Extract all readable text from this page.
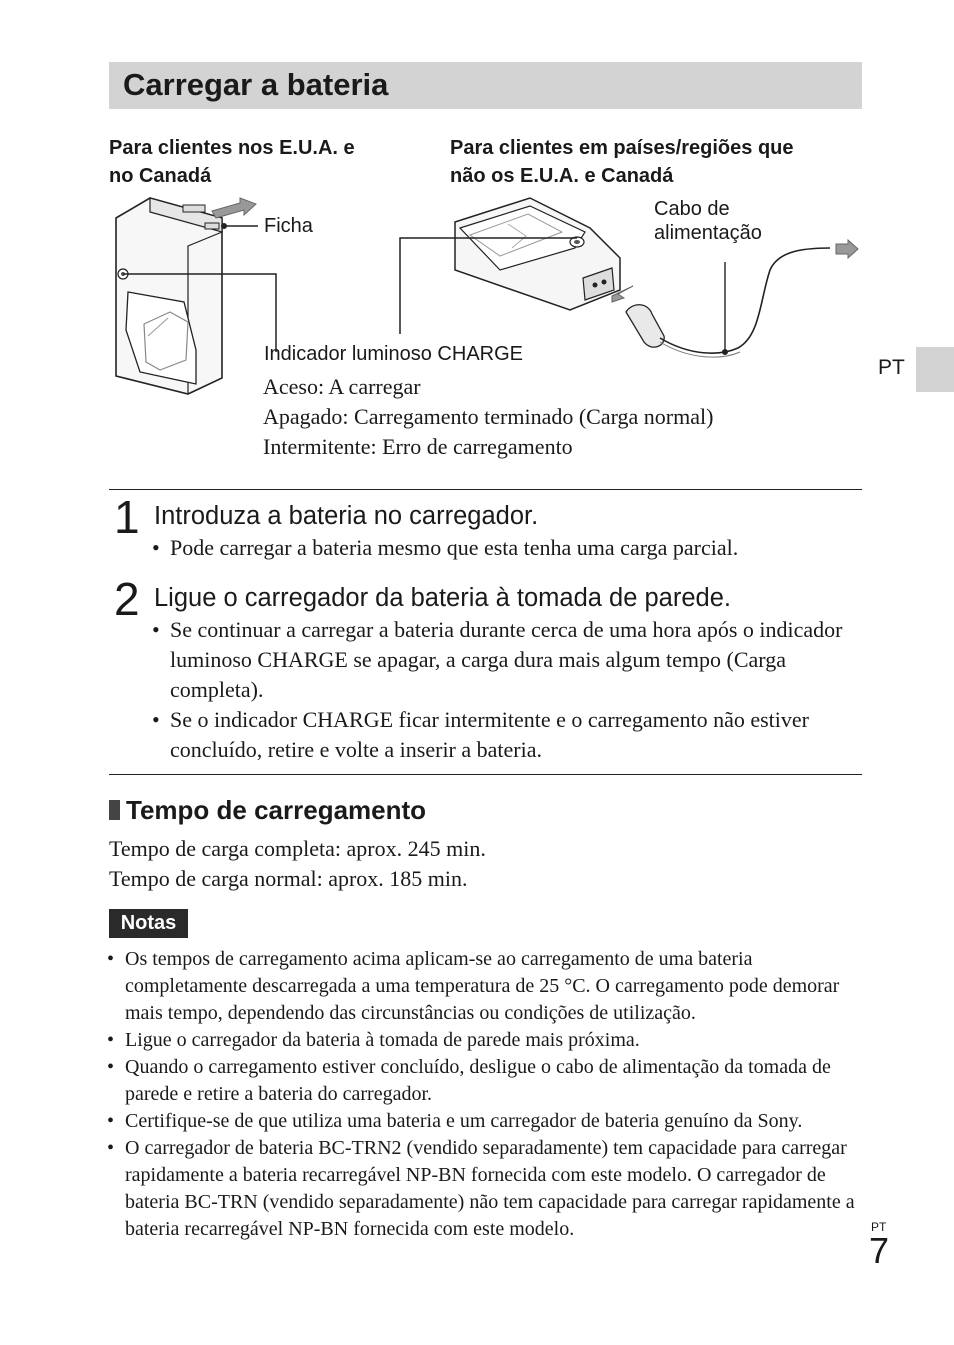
Carregar a bateria
Para clientes nos E.U.A. e
no Canadá
Para clientes em países/regiões que
não os E.U.A. e Canadá
Ficha
Cabo de
alimentação
Indicador luminoso CHARGE
Aceso: A carregar
Apagado: Carregamento terminado (Carga normal)
Intermitente: Erro de carregamento
PT
1 Introduza a bateria no carregador.
• Pode carregar a bateria mesmo que esta tenha uma carga parcial.
2 Ligue o carregador da bateria à tomada de parede.
• Se continuar a carregar a bateria durante cerca de uma hora após o indicador luminoso CHARGE se apagar, a carga dura mais algum tempo (Carga completa).
• Se o indicador CHARGE ficar intermitente e o carregamento não estiver concluído, retire e volte a inserir a bateria.
Tempo de carregamento
Tempo de carga completa: aprox. 245 min.
Tempo de carga normal: aprox. 185 min.
Notas
• Os tempos de carregamento acima aplicam-se ao carregamento de uma bateria completamente descarregada a uma temperatura de 25 °C. O carregamento pode demorar mais tempo, dependendo das circunstâncias ou condições de utilização.
• Ligue o carregador da bateria à tomada de parede mais próxima.
• Quando o carregamento estiver concluído, desligue o cabo de alimentação da tomada de parede e retire a bateria do carregador.
• Certifique-se de que utiliza uma bateria e um carregador de bateria genuíno da Sony.
• O carregador de bateria BC-TRN2 (vendido separadamente) tem capacidade para carregar rapidamente a bateria recarregável NP-BN fornecida com este modelo. O carregador de bateria BC-TRN (vendido separadamente) não tem capacidade para carregar rapidamente a bateria recarregável NP-BN fornecida com este modelo.	PT
7
